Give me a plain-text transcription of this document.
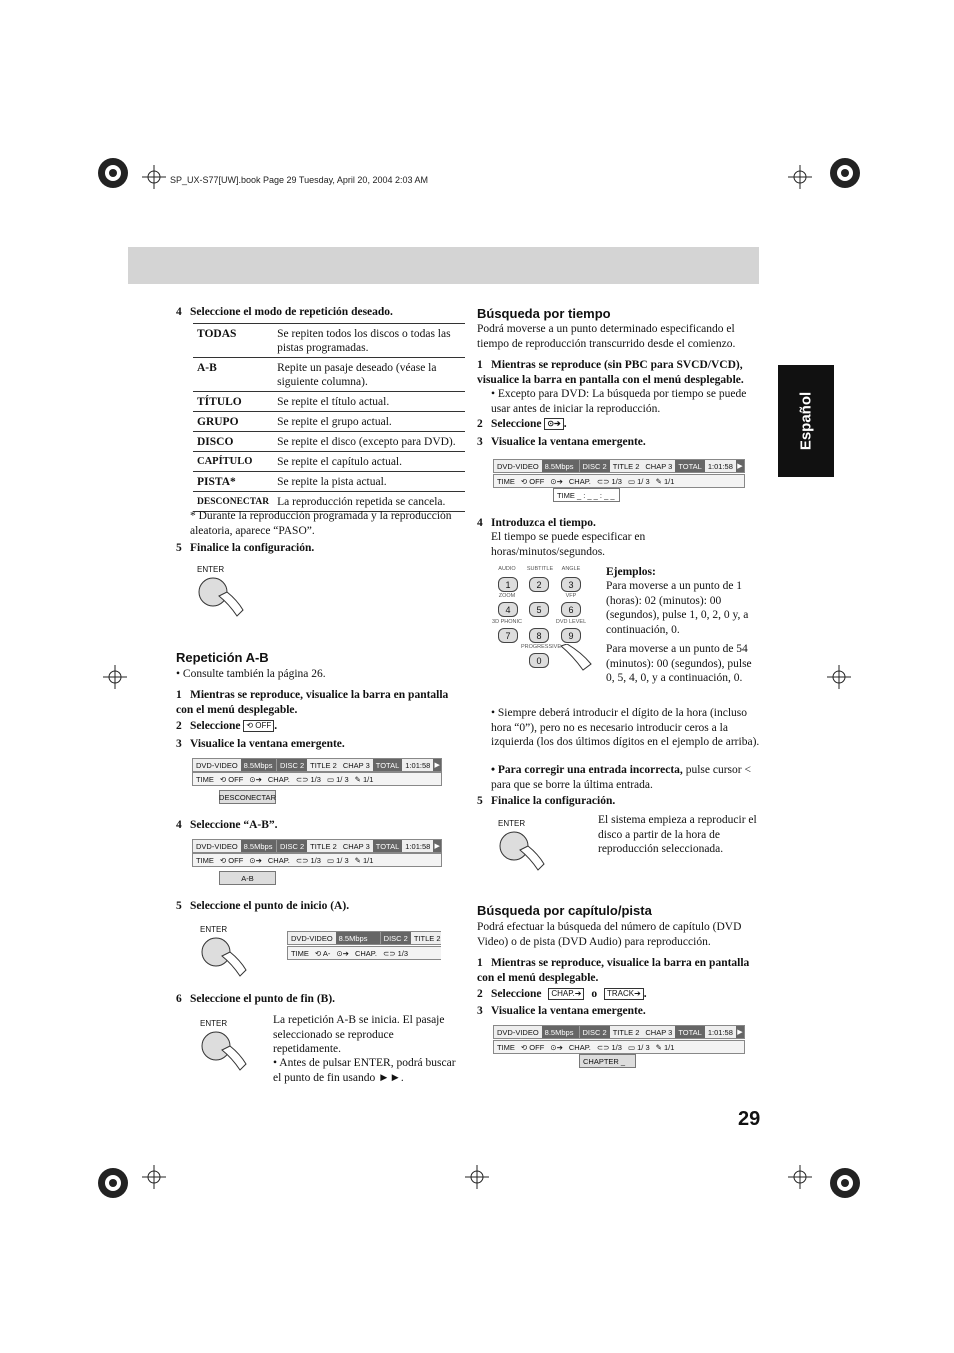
SP_UX-S77[UW].book Page 29 Tuesday, April 20, 2004 2:03 AM
Español
4 Seleccione el modo de repetición deseado.
TODAS	Se repiten todos los discos o todas las pistas programadas.
A-B	Repite un pasaje deseado (véase la siguiente columna).
TÍTULO	Se repite el título actual.
GRUPO	Se repite el grupo actual.
DISCO	Se repite el disco (excepto para DVD).
CAPÍTULO	Se repite el capítulo actual.
PISTA*	Se repite la pista actual.
DESCONECTAR	La reproducción repetida se cancela.
* Durante la reproducción programada y la reproducción aleatoria, aparece “PASO”.
5 Finalice la configuración.
ENTER
Repetición A-B
• Consulte también la página 26.
1 Mientras se reproduce, visualice la barra en pantalla con el menú desplegable.
2 Seleccione ⟲ OFF .
3 Visualice la ventana emergente.
DVD-VIDEO 8.5Mbps DISC 2 TITLE 2 CHAP 3 TOTAL 1:01:58 ▶
TIME ⟲ OFF ⊙➔ CHAP. ⊂⊃ 1/3 ▭ 1/ 3 ✎ 1/1
DESCONECTAR
4 Seleccione “A-B”.
DVD-VIDEO 8.5Mbps DISC 2 TITLE 2 CHAP 3 TOTAL 1:01:58 ▶
TIME ⟲ OFF ⊙➔ CHAP. ⊂⊃ 1/3 ▭ 1/ 3 ✎ 1/1
A-B
5 Seleccione el punto de inicio (A).
ENTER
DVD-VIDEO 8.5Mbps	DISC 2 TITLE 2
TIME ⟲ A- ⊙➔ CHAP. ⊂⊃ 1/3
6 Seleccione el punto de fin (B).
ENTER	La repetición A-B se inicia. El pasaje seleccionado se reproduce repetidamente.
• Antes de pulsar ENTER, podrá buscar el punto de fin usando ►►.
Búsqueda por tiempo
Podrá moverse a un punto determinado especificando el tiempo de reproducción transcurrido desde el comienzo.
1 Mientras se reproduce (sin PBC para SVCD/VCD), visualice la barra en pantalla con el menú desplegable.
• Excepto para DVD: La búsqueda por tiempo se puede usar antes de iniciar la reproducción.
2 Seleccione ⊙➔ .
3 Visualice la ventana emergente.
DVD-VIDEO 8.5Mbps	DISC 2 TITLE 2 CHAP 3 TOTAL 1:01:58 ▶
TIME ⟲ OFF ⊙➔ CHAP. ⊂⊃ 1/3 ▭ 1/ 3 ✎ 1/1
TIME _ : _ _ : _ _
4 Introduzca el tiempo.
El tiempo se puede especificar en horas/minutos/segundos.
AUDIO	SUBTITLE	ANGLE
1	2	3
ZOOM	VFP
4	5	6
3D PHONIC	DVD LEVEL
7	8	9
PROGRESSIVE
0
Ejemplos:
Para moverse a un punto de 1 (horas): 02 (minutos): 00 (segundos), pulse 1, 0, 2, 0 y, a continuación, 0.
Para moverse a un punto de 54 (minutos): 00 (segundos), pulse 0, 5, 4, 0, y a continuación, 0.
• Siempre deberá introducir el dígito de la hora (incluso hora “0”), pero no es necesario introducir ceros a la izquierda (los dos últimos dígitos en el ejemplo de arriba).
• Para corregir una entrada incorrecta, pulse cursor < para que se borre la última entrada.
5 Finalice la configuración.
ENTER	El sistema empieza a reproducir el disco a partir de la hora de reproducción seleccionada.
Búsqueda por capítulo/pista
Podrá efectuar la búsqueda del número de capítulo (DVD Video) o de pista (DVD Audio) para reproducción.
1 Mientras se reproduce, visualice la barra en pantalla con el menú desplegable.
2 Seleccione CHAP.➔ o TRACK➔ .
3 Visualice la ventana emergente.
DVD-VIDEO 8.5Mbps	DISC 2 TITLE 2 CHAP 3 TOTAL 1:01:58 ▶
TIME ⟲ OFF ⊙➔ CHAP. ⊂⊃ 1/3 ▭ 1/ 3 ✎ 1/1
CHAPTER _
29
